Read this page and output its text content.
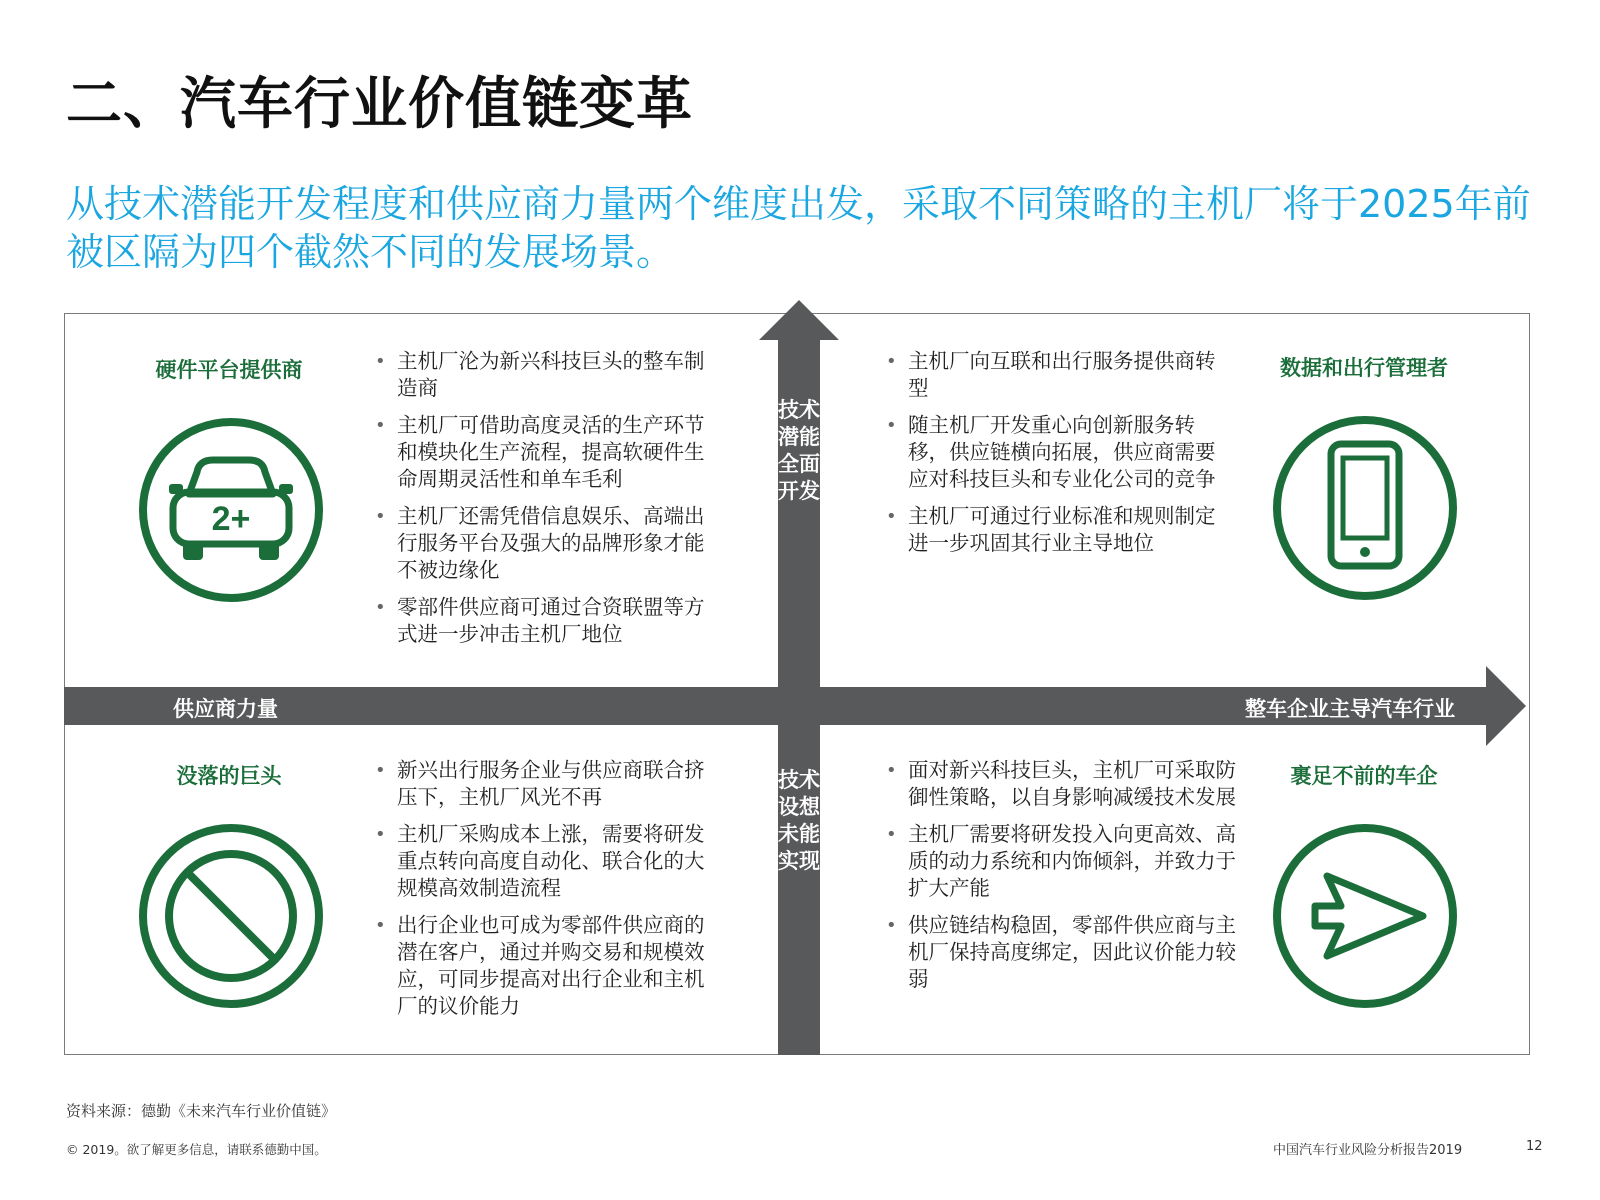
二、汽车行业价值链变革

从技术潜能开发程度和供应商力量两个维度出发，采取不同策略的主机厂将于2025年前被区隔为四个截然不同的发展场景。

供应商力量	整车企业主导汽车行业
技术潜能全面开发
技术设想未能实现
硬件平台提供商
2+
• 主机厂沦为新兴科技巨头的整车制造商
• 主机厂可借助高度灵活的生产环节和模块化生产流程，提高软硬件生命周期灵活性和单车毛利
• 主机厂还需凭借信息娱乐、高端出行服务平台及强大的品牌形象才能不被边缘化
• 零部件供应商可通过合资联盟等方式进一步冲击主机厂地位
数据和出行管理者
• 主机厂向互联和出行服务提供商转型
• 随主机厂开发重心向创新服务转移，供应链横向拓展，供应商需要应对科技巨头和专业化公司的竞争
• 主机厂可通过行业标准和规则制定进一步巩固其行业主导地位
没落的巨头
•	新兴出行服务企业与供应商联合挤压下，主机厂风光不再
• 主机厂采购成本上涨，需要将研发重点转向高度自动化、联合化的大规模高效制造流程
• 出行企业也可成为零部件供应商的潜在客户，通过并购交易和规模效应，可同步提高对出行企业和主机厂的议价能力
裹足不前的车企
• 面对新兴科技巨头，主机厂可采取防御性策略，以自身影响减缓技术发展
• 主机厂需要将研发投入向更高效、高质的动力系统和内饰倾斜，并致力于扩大产能
• 供应链结构稳固，零部件供应商与主机厂保持高度绑定，因此议价能力较弱
资料来源：德勤《未来汽车行业价值链》
© 2019。欲了解更多信息，请联系德勤中国。	中国汽车行业风险分析报告2019	12
